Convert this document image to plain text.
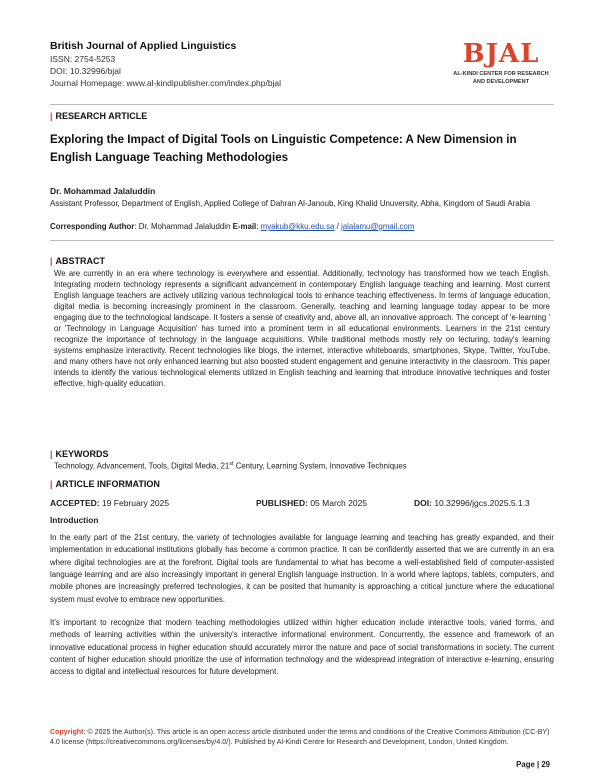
British Journal of Applied Linguistics
ISSN: 2754-5253
DOI: 10.32996/bjal
Journal Homepage: www.al-kindipublisher.com/index.php/bjal
BJAL
AL-KINDI CENTER FOR RESEARCH
AND DEVELOPMENT
| RESEARCH ARTICLE
Exploring the Impact of Digital Tools on Linguistic Competence: A New Dimension in English Language Teaching Methodologies
Dr. Mohammad Jalaluddin
Assistant Professor, Department of English, Applied College of Dahran Al-Janoub, King Khalid Unuversity, Abha, Kingdom of Saudi Arabia
Corresponding Author: Dr. Mohammad Jalaluddin E-mail: myakub@kku.edu.sa / jalalamu@gmail.com
| ABSTRACT
We are currently in an era where technology is everywhere and essential. Additionally, technology has transformed how we teach English. Integrating modern technology represents a significant advancement in contemporary English language teaching and learning. Most current English language teachers are actively utilizing various technological tools to enhance teaching effectiveness. In terms of language education, digital media is becoming increasingly prominent in the classroom. Generally, teaching and learning language today appear to be more engaging due to the technological landscape. It fosters a sense of creativity and, above all, an innovative approach. The concept of 'e-learning ' or 'Technology in Language Acquisition' has turned into a prominent term in all educational environments. Learners in the 21st century recognize the importance of technology in the language acquisitions. While traditional methods mostly rely on lecturing, today's learning systems emphasize interactivity. Recent technologies like blogs, the internet, interactive whiteboards, smartphones, Skype, Twitter, YouTube, and many others have not only enhanced learning but also boosted student engagement and genuine interactivity in the classroom. This paper intends to identify the various technological elements utilized in English teaching and learning that introduce innovative techniques and foster effective, high-quality education.
| KEYWORDS
Technology, Advancement, Tools, Digital Media, 21st Century, Learning System, Innovative Techniques
| ARTICLE INFORMATION
ACCEPTED: 19 February 2025	PUBLISHED: 05 March 2025	DOI: 10.32996/jgcs.2025.5.1.3
Introduction
In the early part of the 21st century, the variety of technologies available for language learning and teaching has greatly expanded, and their implementation in educational institutions globally has become a common practice. It can be confidently asserted that we are currently in an era where digital technologies are at the forefront. Digital tools are fundamental to what has become a well-established field of computer-assisted language learning and are also increasingly important in general English language instruction. In a world where laptops, tablets, computers, and mobile phones are increasingly preferred technologies, it can be posited that humanity is approaching a critical juncture where the educational system must evolve to embrace new opportunities.
It's important to recognize that modern teaching methodologies utilized within higher education include interactive tools, varied forms, and methods of learning activities within the university's interactive informational environment. Concurrently, the essence and framework of an innovative educational process in higher education should accurately mirror the nature and pace of social transformations in society. The current content of higher education should prioritize the use of information technology and the widespread integration of interactive e-learning, ensuring access to digital and intellectual resources for future development.
Copyright: © 2025 the Author(s). This article is an open access article distributed under the terms and conditions of the Creative Commons Attribution (CC-BY) 4.0 license (https://creativecommons.org/licenses/by/4.0/). Published by Al-Kindi Centre for Research and Development, London, United Kingdom.
Page | 29
